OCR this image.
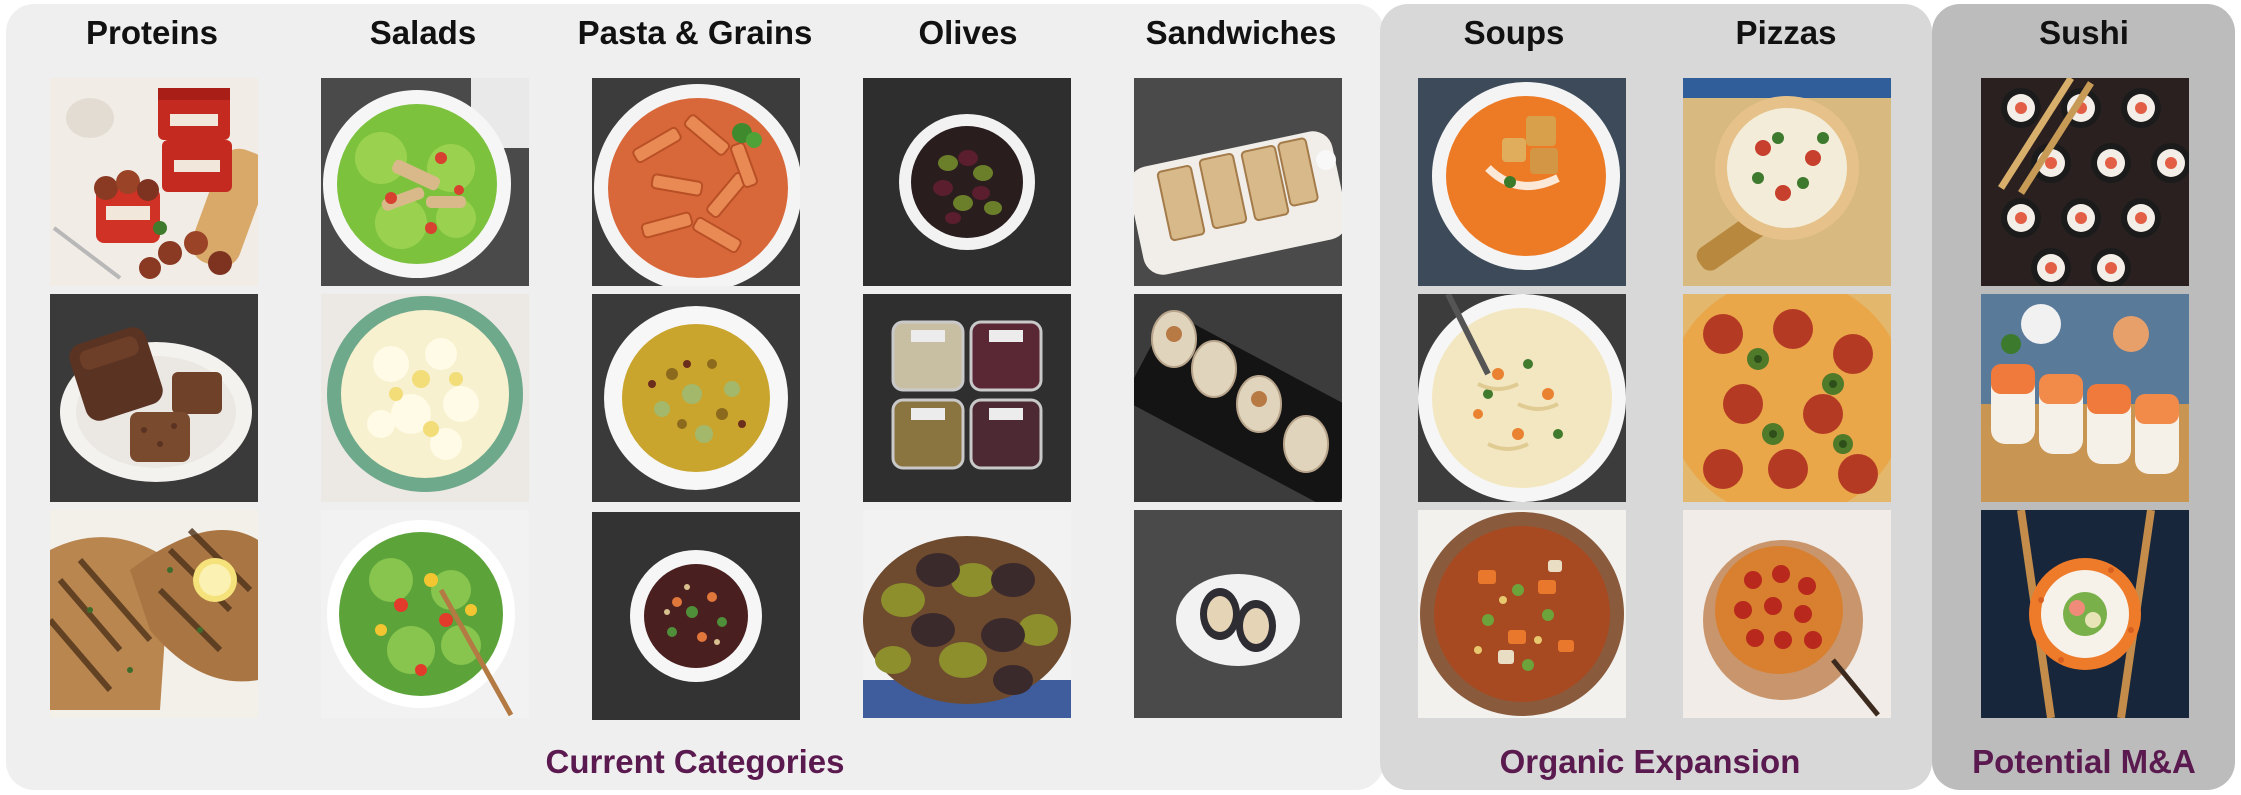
Proteins	Salads	Pasta & Grains	Olives	Sandwiches	Soups	Pizzas	Sushi
Current Categories	Organic Expansion	Potential M&A
